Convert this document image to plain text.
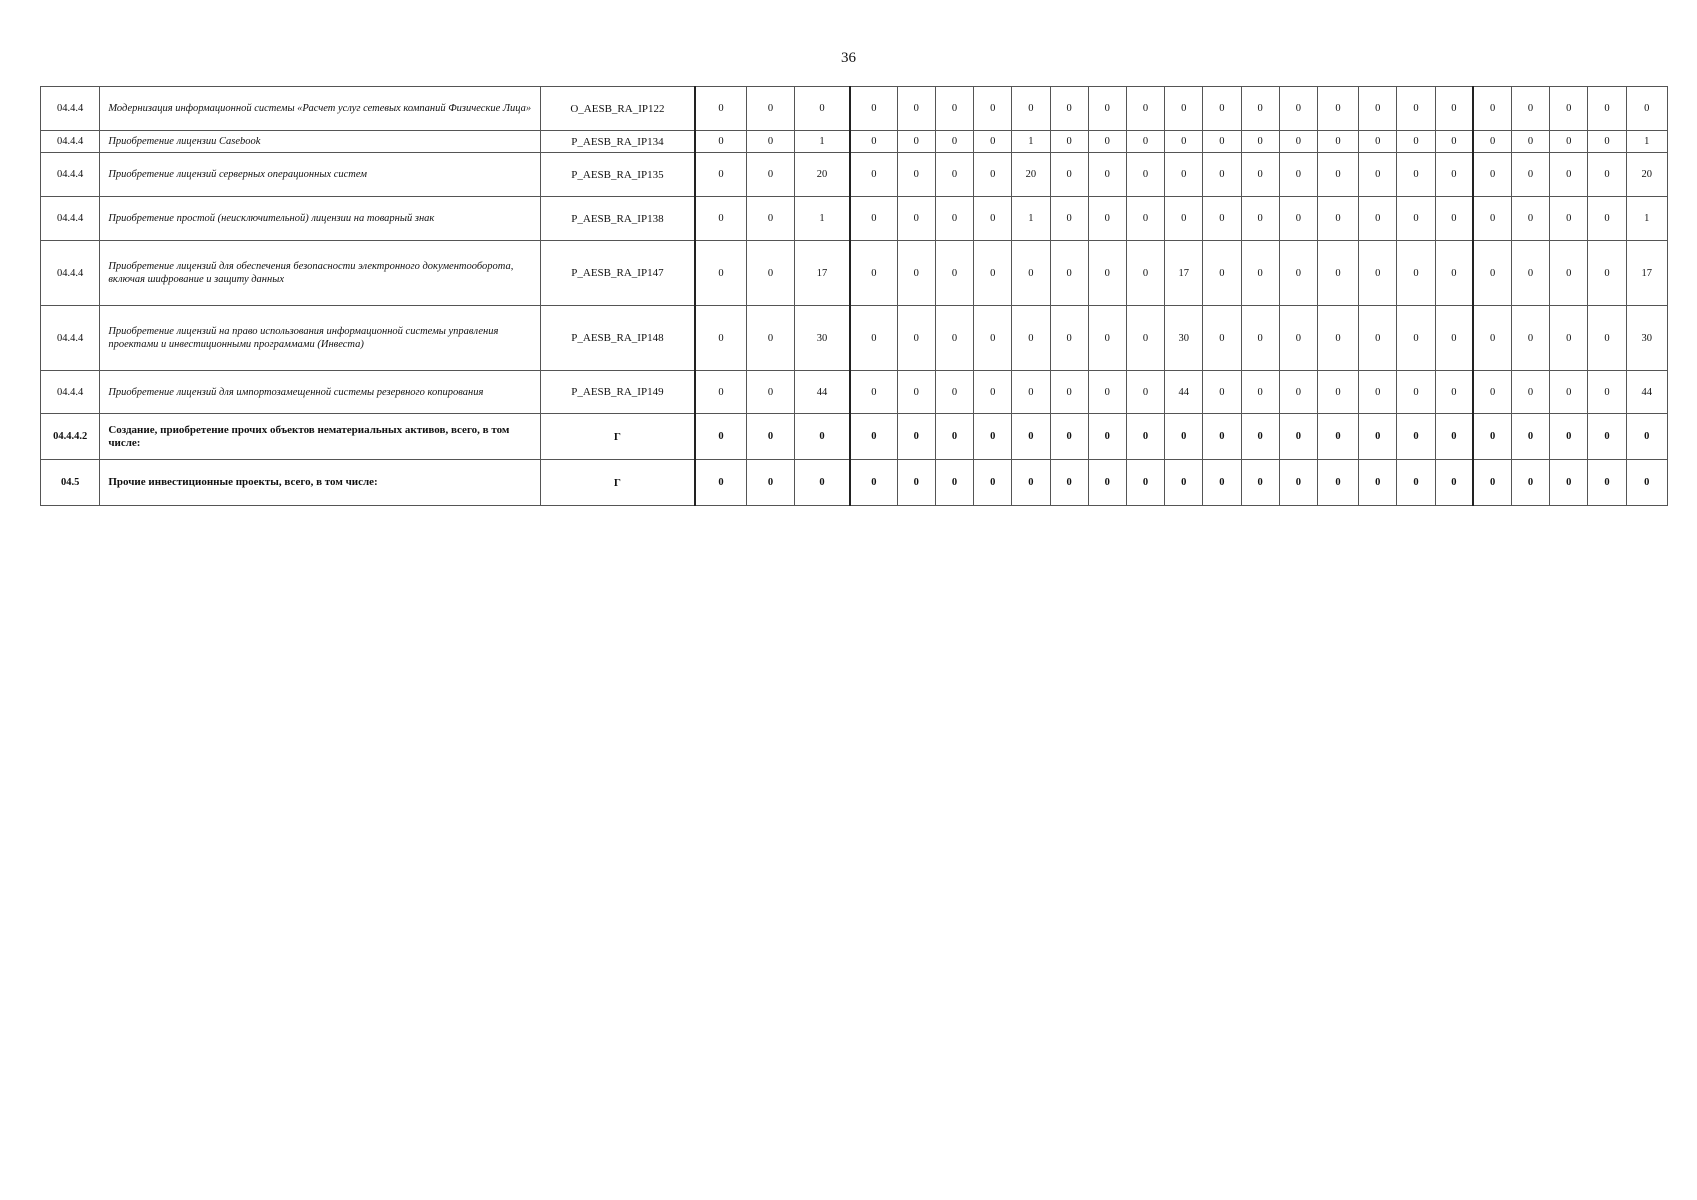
36
04.4.4	Модернизация информационной системы «Расчет услуг сетевых компаний Физические Лица»	O_AESB_RA_IP122	0	0	0	0	0	0	0	0	0	0	0	0	0	0	0	0	0	0	0	0	0	0	0	0
04.4.4	Приобретение лицензии Casebook	P_AESB_RA_IP134	0	0	1	0	0	0	0	1	0	0	0	0	0	0	0	0	0	0	0	0	0	0	0	1
04.4.4	Приобретение лицензий серверных операционных систем	P_AESB_RA_IP135	0	0	20	0	0	0	0	20	0	0	0	0	0	0	0	0	0	0	0	0	0	0	0	20
04.4.4	Приобретение простой (неисключительной) лицензии на товарный знак	P_AESB_RA_IP138	0	0	1	0	0	0	0	1	0	0	0	0	0	0	0	0	0	0	0	0	0	0	0	1
04.4.4	Приобретение лицензий для обеспечения безопасности электронного документооборота, включая шифрование и защиту данных	P_AESB_RA_IP147	0	0	17	0	0	0	0	0	0	0	0	17	0	0	0	0	0	0	0	0	0	0	0	17
04.4.4	Приобретение лицензий на право использования информационной системы управления проектами и инвестиционными программами (Инвеста)	P_AESB_RA_IP148	0	0	30	0	0	0	0	0	0	0	0	30	0	0	0	0	0	0	0	0	0	0	0	30
04.4.4	Приобретение лицензий для импортозамещенной системы резервного копирования	P_AESB_RA_IP149	0	0	44	0	0	0	0	0	0	0	0	44	0	0	0	0	0	0	0	0	0	0	0	44
04.4.4.2	Создание, приобретение прочих объектов нематериальных активов, всего, в том числе:	Г	0	0	0	0	0	0	0	0	0	0	0	0	0	0	0	0	0	0	0	0	0	0	0	0
04.5	Прочие инвестиционные проекты, всего, в том числе:	Г	0	0	0	0	0	0	0	0	0	0	0	0	0	0	0	0	0	0	0	0	0	0	0	0
